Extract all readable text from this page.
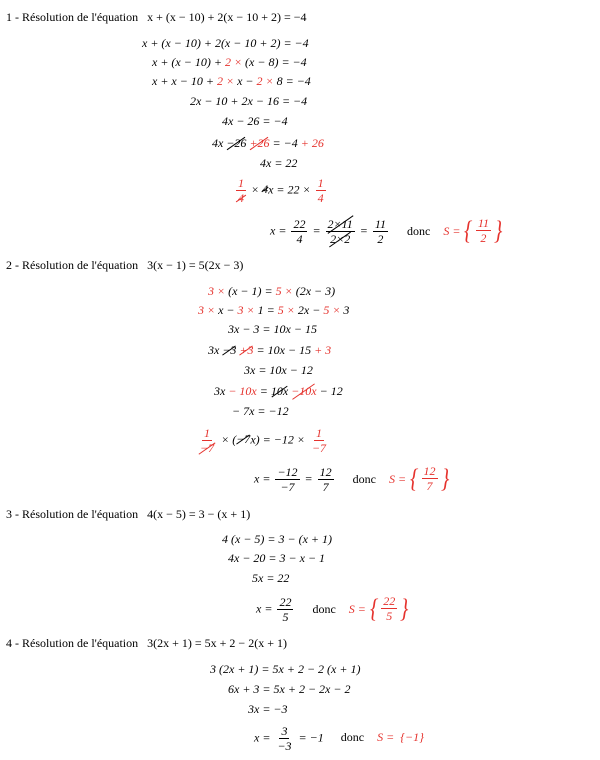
1 - Résolution de l'équation x + (x − 10) + 2(x − 10 + 2) = −4
x + (x − 10) + 2(x − 10 + 2) = −4
x + (x − 10) + 2 × (x − 8) = −4
x + x − 10 + 2 × x − 2 × 8 = −4
2x − 10 + 2x − 16 = −4
4x − 26 = −4
4x −26 +26 = −4 + 26
4x = 22
$\frac{1}{4} \times 4x = 22 \times \frac{1}{4}$
$x = \frac{22}{4} = \frac{2\times 11}{2\times 2} = \frac{11}{2}$ donc S = { $\frac{11}{2}$ }
2 - Résolution de l'équation 3(x − 1) = 5(2x − 3)
3 × (x − 1) = 5 × (2x − 3)
3 × x − 3 × 1 = 5 × 2x − 5 × 3
3x − 3 = 10x − 15
3x −3 +3 = 10x − 15 + 3
3x = 10x − 12
3x − 10x = 10x −10x − 12
− 7x = −12
$\frac{1}{-7} \times (-7x) = -12 \times \frac{1}{-7}$
$x = \frac{-12}{-7} = \frac{12}{7}$ donc S = { $\frac{12}{7}$ }
3 - Résolution de l'équation 4(x − 5) = 3 − (x + 1)
4 (x − 5) = 3 − (x + 1)
4x − 20 = 3 − x − 1
5x = 22
$x = \frac{22}{5}$ donc S = { $\frac{22}{5}$ }
4 - Résolution de l'équation 3(2x + 1) = 5x + 2 − 2(x + 1)
3 (2x + 1) = 5x + 2 − 2 (x + 1)
6x + 3 = 5x + 2 − 2x − 2
3x = −3
$x = \frac{3}{-3} = -1$ donc S = {−1}
